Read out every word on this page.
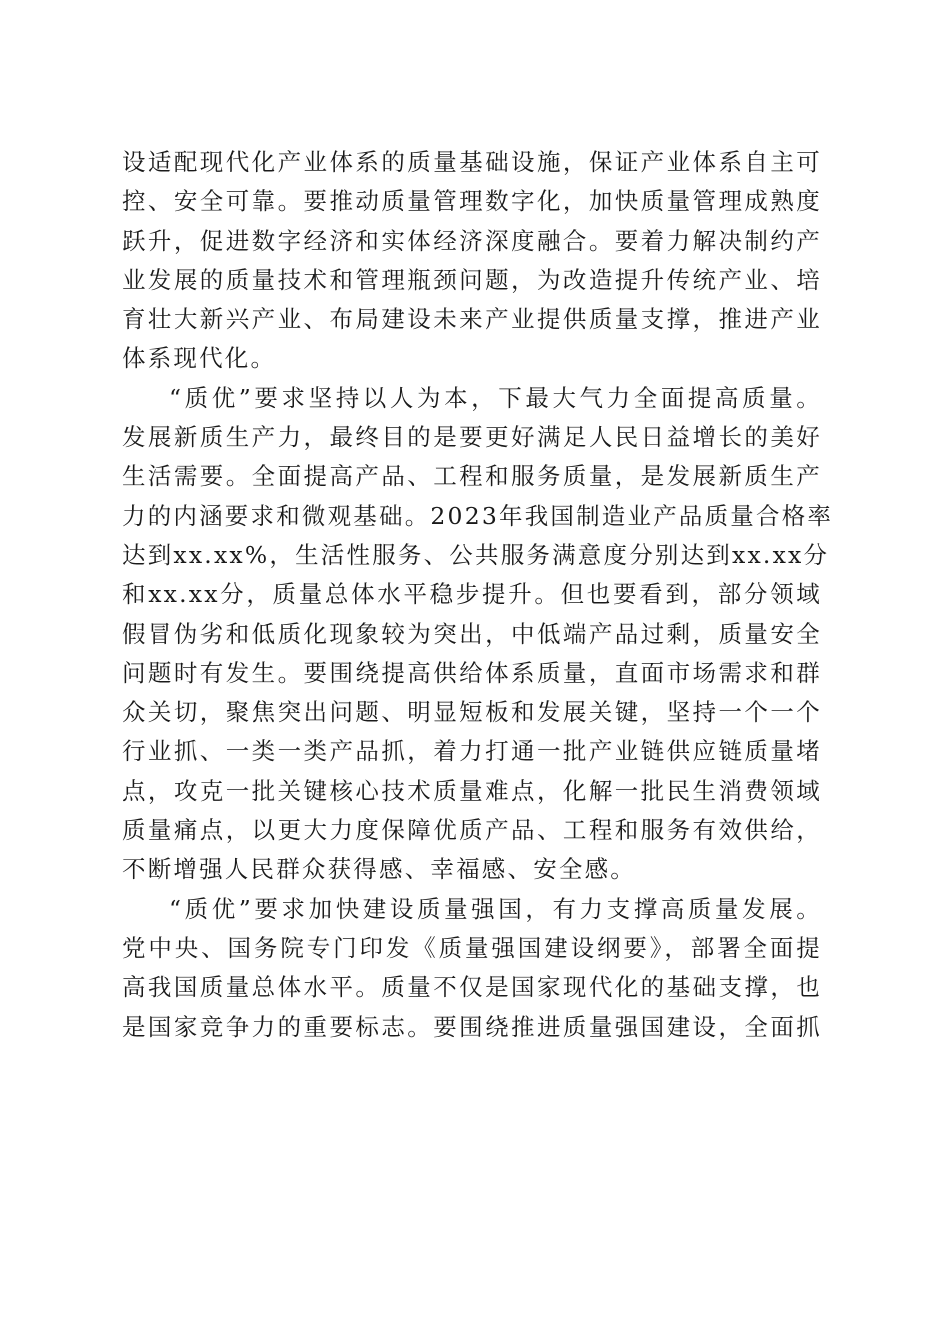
设适配现代化产业体系的质量基础设施，保证产业体系自主可
控、安全可靠。要推动质量管理数字化，加快质量管理成熟度
跃升，促进数字经济和实体经济深度融合。要着力解决制约产
业发展的质量技术和管理瓶颈问题，为改造提升传统产业、培
育壮大新兴产业、布局建设未来产业提供质量支撑，推进产业
体系现代化。
“质优”要求坚持以人为本，下最大气力全面提高质量。
发展新质生产力，最终目的是要更好满足人民日益增长的美好
生活需要。全面提高产品、工程和服务质量，是发展新质生产
力的内涵要求和微观基础。2023年我国制造业产品质量合格率
达到xx.xx%，生活性服务、公共服务满意度分别达到xx.xx分
和xx.xx分，质量总体水平稳步提升。但也要看到，部分领域
假冒伪劣和低质化现象较为突出，中低端产品过剩，质量安全
问题时有发生。要围绕提高供给体系质量，直面市场需求和群
众关切，聚焦突出问题、明显短板和发展关键，坚持一个一个
行业抓、一类一类产品抓，着力打通一批产业链供应链质量堵
点，攻克一批关键核心技术质量难点，化解一批民生消费领域
质量痛点，以更大力度保障优质产品、工程和服务有效供给，
不断增强人民群众获得感、幸福感、安全感。
“质优”要求加快建设质量强国，有力支撑高质量发展。
党中央、国务院专门印发《质量强国建设纲要》，部署全面提
高我国质量总体水平。质量不仅是国家现代化的基础支撑，也
是国家竞争力的重要标志。要围绕推进质量强国建设，全面抓
